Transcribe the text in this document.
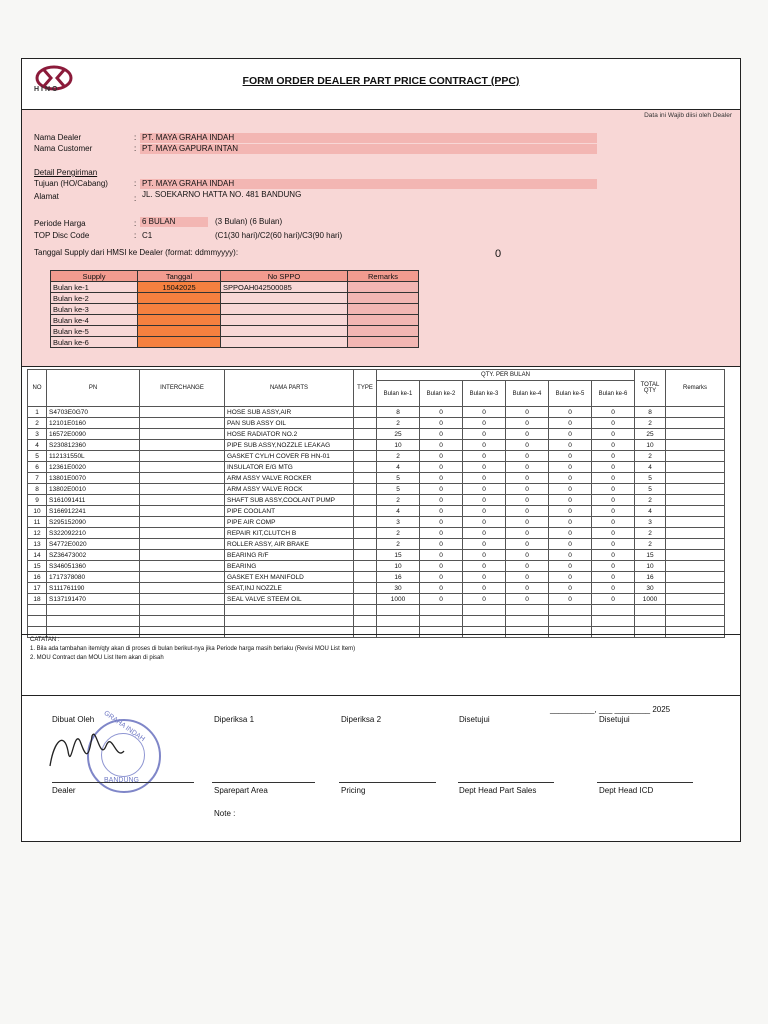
HINO
FORM ORDER DEALER PART PRICE CONTRACT (PPC)
Data ini Wajib diisi oleh Dealer
Nama Dealer	: PT. MAYA GRAHA INDAH
Nama Customer	: PT. MAYA GAPURA INTAN
Detail Pengiriman
Tujuan (HO/Cabang)	: PT. MAYA GRAHA INDAH
Alamat	: JL. SOEKARNO HATTA NO. 481 BANDUNG
Periode Harga	: 6 BULAN	(3 Bulan) (6 Bulan)
TOP Disc Code	: C1	(C1(30 hari)/C2(60 hari)/C3(90 hari)
Tanggal Supply dari HMSI ke Dealer (format: ddmmyyyy):	0
Supply	Tanggal	No SPPO	Remarks
Bulan ke-1	15042025	SPPOAH042500085	
Bulan ke-2			
Bulan ke-3			
Bulan ke-4			
Bulan ke-5			
Bulan ke-6			
NO	PN	INTERCHANGE	NAMA PARTS	TYPE	QTY. PER BULAN						TOTAL QTY	Remarks
					Bulan ke-1	Bulan ke-2	Bulan ke-3	Bulan ke-4	Bulan ke-5	Bulan ke-6		
1	S4703E0G70		HOSE SUB ASSY,AIR		8	0	0	0	0	0	8	
2	12101E0160		PAN SUB ASSY OIL		2	0	0	0	0	0	2	
3	16572E0090		HOSE RADIATOR NO.2		25	0	0	0	0	0	25	
4	S230812360		PIPE SUB ASSY,NOZZLE LEAKAG		10	0	0	0	0	0	10	
5	112131550L		GASKET CYL/H COVER FB HN-01		2	0	0	0	0	0	2	
6	12361E0020		INSULATOR E/G MTG		4	0	0	0	0	0	4	
7	13801E0070		ARM ASSY VALVE ROCKER		5	0	0	0	0	0	5	
8	13802E0010		ARM ASSY VALVE ROCK		5	0	0	0	0	0	5	
9	S161091411		SHAFT SUB ASSY,COOLANT PUMP		2	0	0	0	0	0	2	
10	S166912241		PIPE COOLANT		4	0	0	0	0	0	4	
11	S295152090		PIPE AIR COMP		3	0	0	0	0	0	3	
12	S322092210		REPAIR KIT,CLUTCH B		2	0	0	0	0	0	2	
13	S4772E0020		ROLLER ASSY, AIR BRAKE		2	0	0	0	0	0	2	
14	SZ36473002		BEARING R/F		15	0	0	0	0	0	15	
15	S346051360		BEARING		10	0	0	0	0	0	10	
16	1717378080		GASKET EXH MANIFOLD		16	0	0	0	0	0	16	
17	S111761190		SEAT,INJ NOZZLE		30	0	0	0	0	0	30	
18	S137191470		SEAL VALVE STEEM OIL		1000	0	0	0	0	0	1000	

CATATAN :
1. Bila ada tambahan item/qty akan di proses di bulan berikut-nya jika Periode harga masih berlaku (Revisi MOU List Item)
2. MOU Contract dan MOU List Item akan di pisah
__________, ___ ________ 2025
Dibuat Oleh	Diperiksa 1	Diperiksa 2	Disetujui	Disetujui
GRAHA INDAH
BANDUNG
Dealer	Sparepart Area	Pricing	Dept Head Part Sales	Dept Head ICD
Note :
